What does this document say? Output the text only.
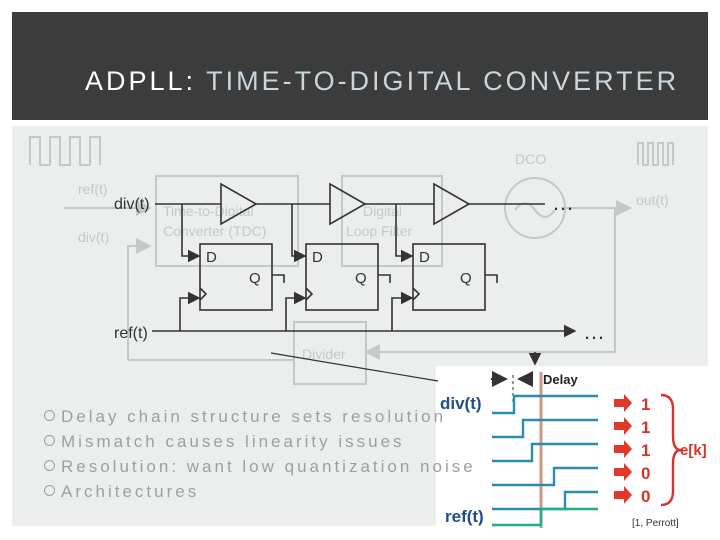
ADPLL: TIME-TO-DIGITAL CONVERTER
DCO
ref(t)
div(t)
Time-to-Digital
Converter (TDC)
Digital
Loop Filter
out(t)
Divider
div(t)
ref(t)
D
Q
D
Q
D
Q
…
…
Delay
div(t)
ref(t)
1
1
1
0
0
e[k]
Delay chain structure sets resolution
Mismatch causes linearity issues
Resolution: want low quantization noise
Architectures
[1, Perrott]
